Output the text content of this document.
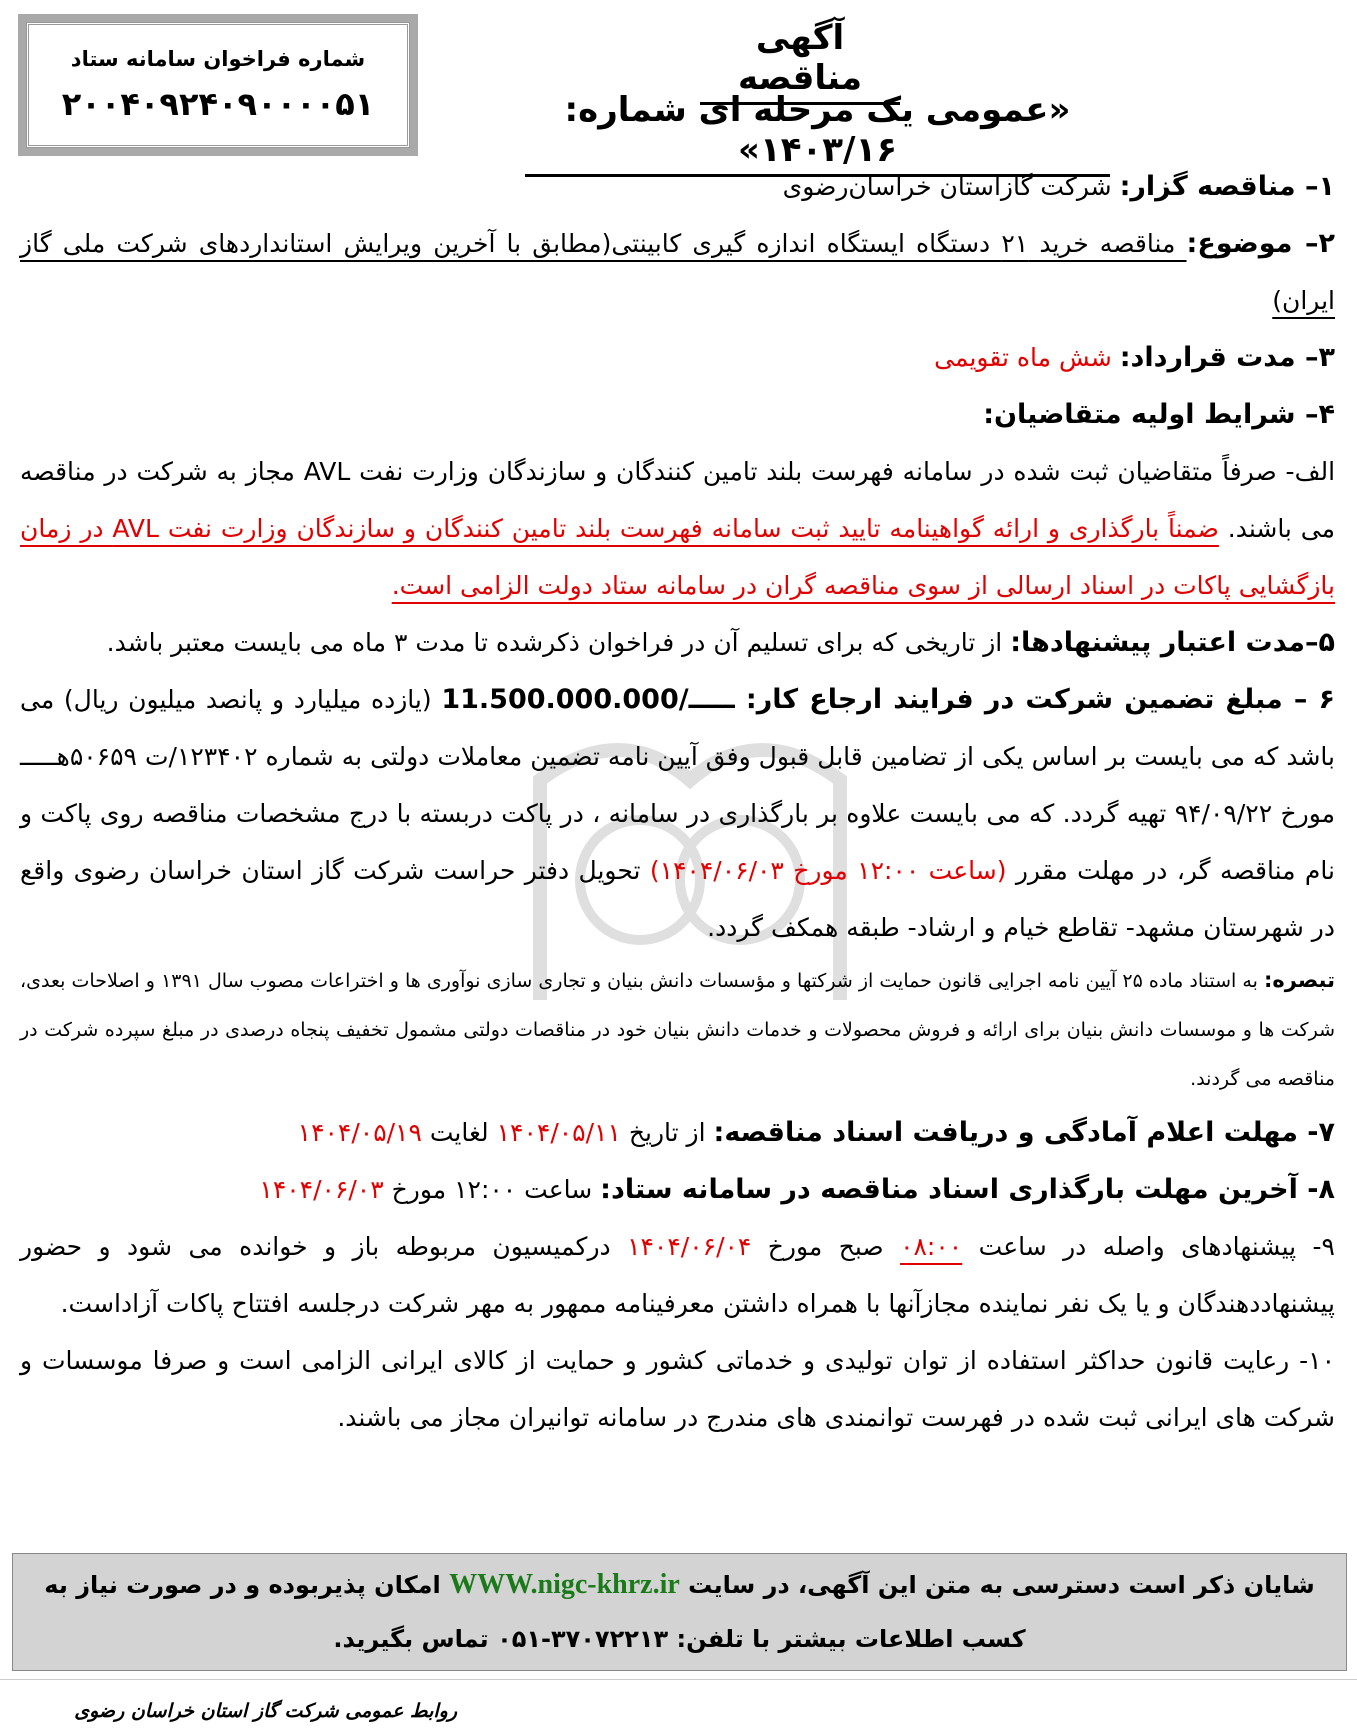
شماره فراخوان سامانه ستاد
۲۰۰۴۰۹۲۴۰۹۰۰۰۰۵۱
آگهی مناقصه
«عمومی یک مرحله ای شماره: ۱۴۰۳/۱۶»

۱– مناقصه گزار: شرکت گازاستان خراسان‌رضوی

۲– موضوع: مناقصه خرید ۲۱ دستگاه ایستگاه اندازه گیری کابینتی(مطابق با آخرین ویرایش استانداردهای شرکت ملی گاز ایران)

۳– مدت قرارداد: شش ماه تقویمی

۴– شرایط اولیه متقاضیان:

الف- صرفاً متقاضیان ثبت شده در سامانه فهرست بلند تامین کنندگان و سازندگان وزارت نفت AVL مجاز به شرکت در مناقصه می باشند. ضمناً بارگذاری و ارائه گواهینامه تایید ثبت سامانه فهرست بلند تامین کنندگان و سازندگان وزارت نفت AVL در زمان بازگشایی پاکات در اسناد ارسالی از سوی مناقصه گران در سامانه ستاد دولت الزامی است.

۵–مدت اعتبار پیشنهادها: از تاریخی که برای تسلیم آن در فراخوان ذکرشده تا مدت ۳ ماه می بایست معتبر باشد.

۶ – مبلغ تضمین شرکت در فرایند ارجاع کار: ـــــ/11.500.000.000 (یازده میلیارد و پانصد میلیون ریال) می باشد که می بایست بر اساس یکی از تضامین قابل قبول وفق آیین نامه تضمین معاملات دولتی به شماره ۱۲۳۴۰۲/ت ۵۰۶۵۹هـــــ مورخ ۹۴/۰۹/۲۲ تهیه گردد. که می بایست علاوه بر بارگذاری در سامانه ، در پاکت دربسته با درج مشخصات مناقصه روی پاکت و نام مناقصه گر، در مهلت مقرر (ساعت ۱۲:۰۰ مورخ ۱۴۰۴/۰۶/۰۳) تحویل دفتر حراست شرکت گاز استان خراسان رضوی واقع در شهرستان مشهد- تقاطع خیام و ارشاد- طبقه همکف گردد.

تبصره: به استناد ماده ۲۵ آیین نامه اجرایی قانون حمایت از شرکتها و مؤسسات دانش بنیان و تجاری سازی نوآوری ها و اختراعات مصوب سال ۱۳۹۱ و اصلاحات بعدی، شرکت ها و موسسات دانش بنیان برای ارائه و فروش محصولات و خدمات دانش بنیان خود در مناقصات دولتی مشمول تخفیف پنجاه درصدی در مبلغ سپرده شرکت در مناقصه می گردند.

۷- مهلت اعلام آمادگی و دریافت اسناد مناقصه: از تاریخ ۱۴۰۴/۰۵/۱۱ لغایت ۱۴۰۴/۰۵/۱۹

۸- آخرین مهلت بارگذاری اسناد مناقصه در سامانه ستاد: ساعت ۱۲:۰۰ مورخ ۱۴۰۴/۰۶/۰۳

۹- پیشنهادهای واصله در ساعت ۰۸:۰۰ صبح مورخ ۱۴۰۴/۰۶/۰۴ درکمیسیون مربوطه باز و خوانده می شود و حضور پیشنهاددهندگان و یا یک نفر نماینده مجازآنها با همراه داشتن معرفینامه ممهور به مهر شرکت درجلسه افتتاح پاکات آزاداست.

۱۰- رعایت قانون حداکثر استفاده از توان تولیدی و خدماتی کشور و حمایت از کالای ایرانی الزامی است و صرفا موسسات و شرکت های ایرانی ثبت شده در فهرست توانمندی های مندرج در سامانه توانیران مجاز می باشند.

شایان ذکر است دسترسی به متن این آگهی، در سایت WWW.nigc-khrz.ir امکان پذیربوده و در صورت نیاز به کسب اطلاعات بیشتر با تلفن: ۳۷۰۷۲۲۱۳-۰۵۱ تماس بگیرید.
روابط عمومی شرکت گاز استان خراسان رضوی
